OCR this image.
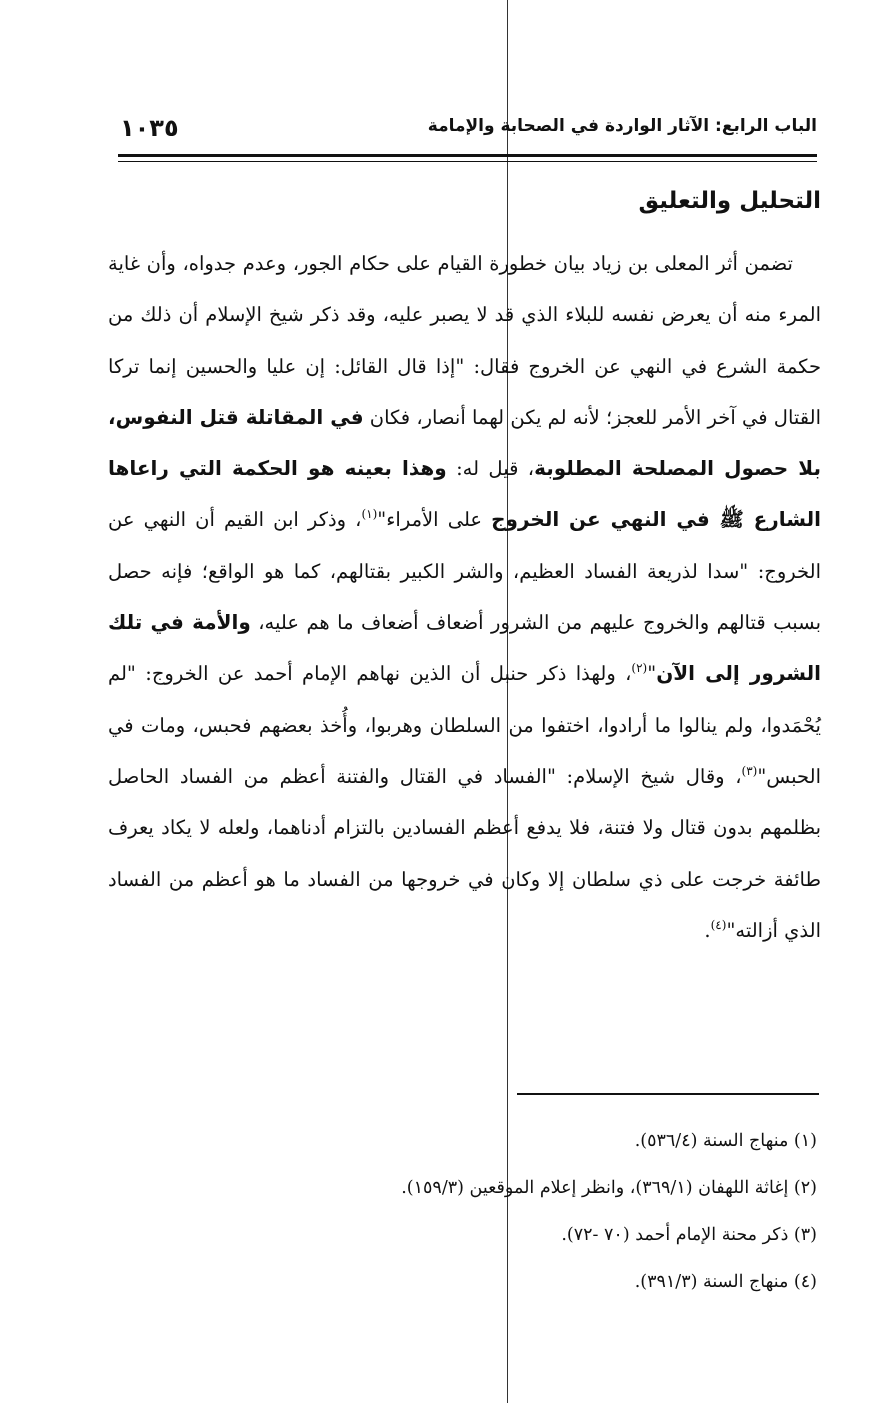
الباب الرابع: الآثار الواردة في الصحابة والإمامة
١٠٣٥
التحليل والتعليق

تضمن أثر المعلى بن زياد بيان خطورة القيام على حكام الجور، وعدم جدواه، وأن غاية المرء منه أن يعرض نفسه للبلاء الذي قد لا يصبر عليه، وقد ذكر شيخ الإسلام أن ذلك من حكمة الشرع في النهي عن الخروج فقال: "إذا قال القائل: إن عليا والحسين إنما تركا القتال في آخر الأمر للعجز؛ لأنه لم يكن لهما أنصار، فكان في المقاتلة قتل النفوس، بلا حصول المصلحة المطلوبة، قيل له: وهذا بعينه هو الحكمة التي راعاها الشارع ﷺ في النهي عن الخروج على الأمراء"$^{(١)}$، وذكر ابن القيم أن النهي عن الخروج: "سدا لذريعة الفساد العظيم، والشر الكبير بقتالهم، كما هو الواقع؛ فإنه حصل بسبب قتالهم والخروج عليهم من الشرور أضعاف أضعاف ما هم عليه، والأمة في تلك الشرور إلى الآن"$^{(٢)}$، ولهذا ذكر حنبل أن الذين نهاهم الإمام أحمد عن الخروج: "لم يُحْمَدوا، ولم ينالوا ما أرادوا، اختفوا من السلطان وهربوا، وأُخذ بعضهم فحبس، ومات في الحبس"$^{(٣)}$، وقال شيخ الإسلام: "الفساد في القتال والفتنة أعظم من الفساد الحاصل بظلمهم بدون قتال ولا فتنة، فلا يدفع أعظم الفسادين بالتزام أدناهما، ولعله لا يكاد يعرف طائفة خرجت على ذي سلطان إلا وكان في خروجها من الفساد ما هو أعظم من الفساد الذي أزالته"$^{(٤)}$.

(١) منهاج السنة (٥٣٦/٤).
(٢) إغاثة اللهفان (٣٦٩/١)، وانظر إعلام الموقعين (١٥٩/٣).
(٣) ذكر محنة الإمام أحمد (٧٠ -٧٢).
(٤) منهاج السنة (٣٩١/٣).
